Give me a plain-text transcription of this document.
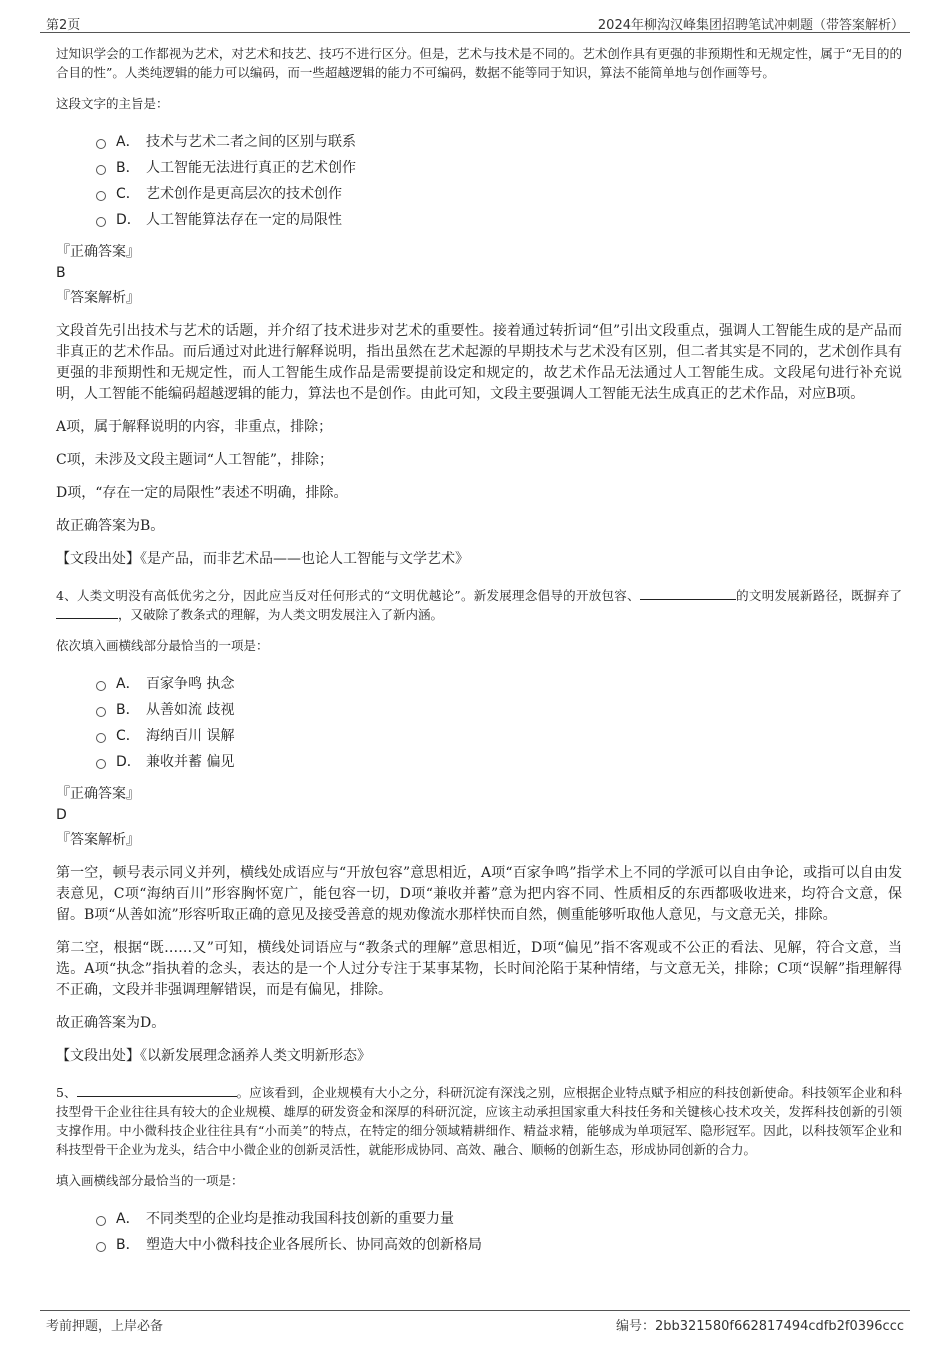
第2页	2024年柳沟汉峰集团招聘笔试冲刺题（带答案解析）

过知识学会的工作都视为艺术，对艺术和技艺、技巧不进行区分。但是，艺术与技术是不同的。艺术创作具有更强的非预期性和无规定性，属于“无目的的合目的性”。人类纯逻辑的能力可以编码，而一些超越逻辑的能力不可编码，数据不能等同于知识，算法不能简单地与创作画等号。

这段文字的主旨是：

A． 技术与艺术二者之间的区别与联系
B． 人工智能无法进行真正的艺术创作
C． 艺术创作是更高层次的技术创作
D． 人工智能算法存在一定的局限性

『正确答案』

B

『答案解析』

文段首先引出技术与艺术的话题，并介绍了技术进步对艺术的重要性。接着通过转折词“但”引出文段重点，强调人工智能生成的是产品而非真正的艺术作品。而后通过对此进行解释说明，指出虽然在艺术起源的早期技术与艺术没有区别，但二者其实是不同的，艺术创作具有更强的非预期性和无规定性，而人工智能生成作品是需要提前设定和规定的，故艺术作品无法通过人工智能生成。文段尾句进行补充说明，人工智能不能编码超越逻辑的能力，算法也不是创作。由此可知，文段主要强调人工智能无法生成真正的艺术作品，对应B项。

A项，属于解释说明的内容，非重点，排除；

C项，未涉及文段主题词“人工智能”，排除；

D项，“存在一定的局限性”表述不明确，排除。

故正确答案为B。

【文段出处】《是产品，而非艺术品——也论人工智能与文学艺术》

4、人类文明没有高低优劣之分，因此应当反对任何形式的“文明优越论”。新发展理念倡导的开放包容、	的文明发展新路径，既摒弃了，又破除了教条式的理解，为人类文明发展注入了新内涵。

依次填入画横线部分最恰当的一项是：

A． 百家争鸣 执念
B． 从善如流 歧视
C． 海纳百川 误解
D． 兼收并蓄 偏见

『正确答案』

D

『答案解析』

第一空，顿号表示同义并列，横线处成语应与“开放包容”意思相近，A项“百家争鸣”指学术上不同的学派可以自由争论，或指可以自由发表意见，C项“海纳百川”形容胸怀宽广，能包容一切，D项“兼收并蓄”意为把内容不同、性质相反的东西都吸收进来，均符合文意，保留。B项“从善如流”形容听取正确的意见及接受善意的规劝像流水那样快而自然，侧重能够听取他人意见，与文意无关，排除。

第二空，根据“既……又”可知，横线处词语应与“教条式的理解”意思相近，D项“偏见”指不客观或不公正的看法、见解，符合文意，当选。A项“执念”指执着的念头，表达的是一个人过分专注于某事某物，长时间沦陷于某种情绪，与文意无关，排除；C项“误解”指理解得不正确，文段并非强调理解错误，而是有偏见，排除。

故正确答案为D。

【文段出处】《以新发展理念涵养人类文明新形态》

5、	。应该看到，企业规模有大小之分，科研沉淀有深浅之别，应根据企业特点赋予相应的科技创新使命。科技领军企业和科技型骨干企业往往具有较大的企业规模、雄厚的研发资金和深厚的科研沉淀，应该主动承担国家重大科技任务和关键核心技术攻关，发挥科技创新的引领支撑作用。中小微科技企业往往具有“小而美”的特点，在特定的细分领域精耕细作、精益求精，能够成为单项冠军、隐形冠军。因此，以科技领军企业和科技型骨干企业为龙头，结合中小微企业的创新灵活性，就能形成协同、高效、融合、顺畅的创新生态，形成协同创新的合力。

填入画横线部分最恰当的一项是：

A． 不同类型的企业均是推动我国科技创新的重要力量
B． 塑造大中小微科技企业各展所长、协同高效的创新格局
考前押题，上岸必备	编号：2bb321580f662817494cdfb2f0396ccc
